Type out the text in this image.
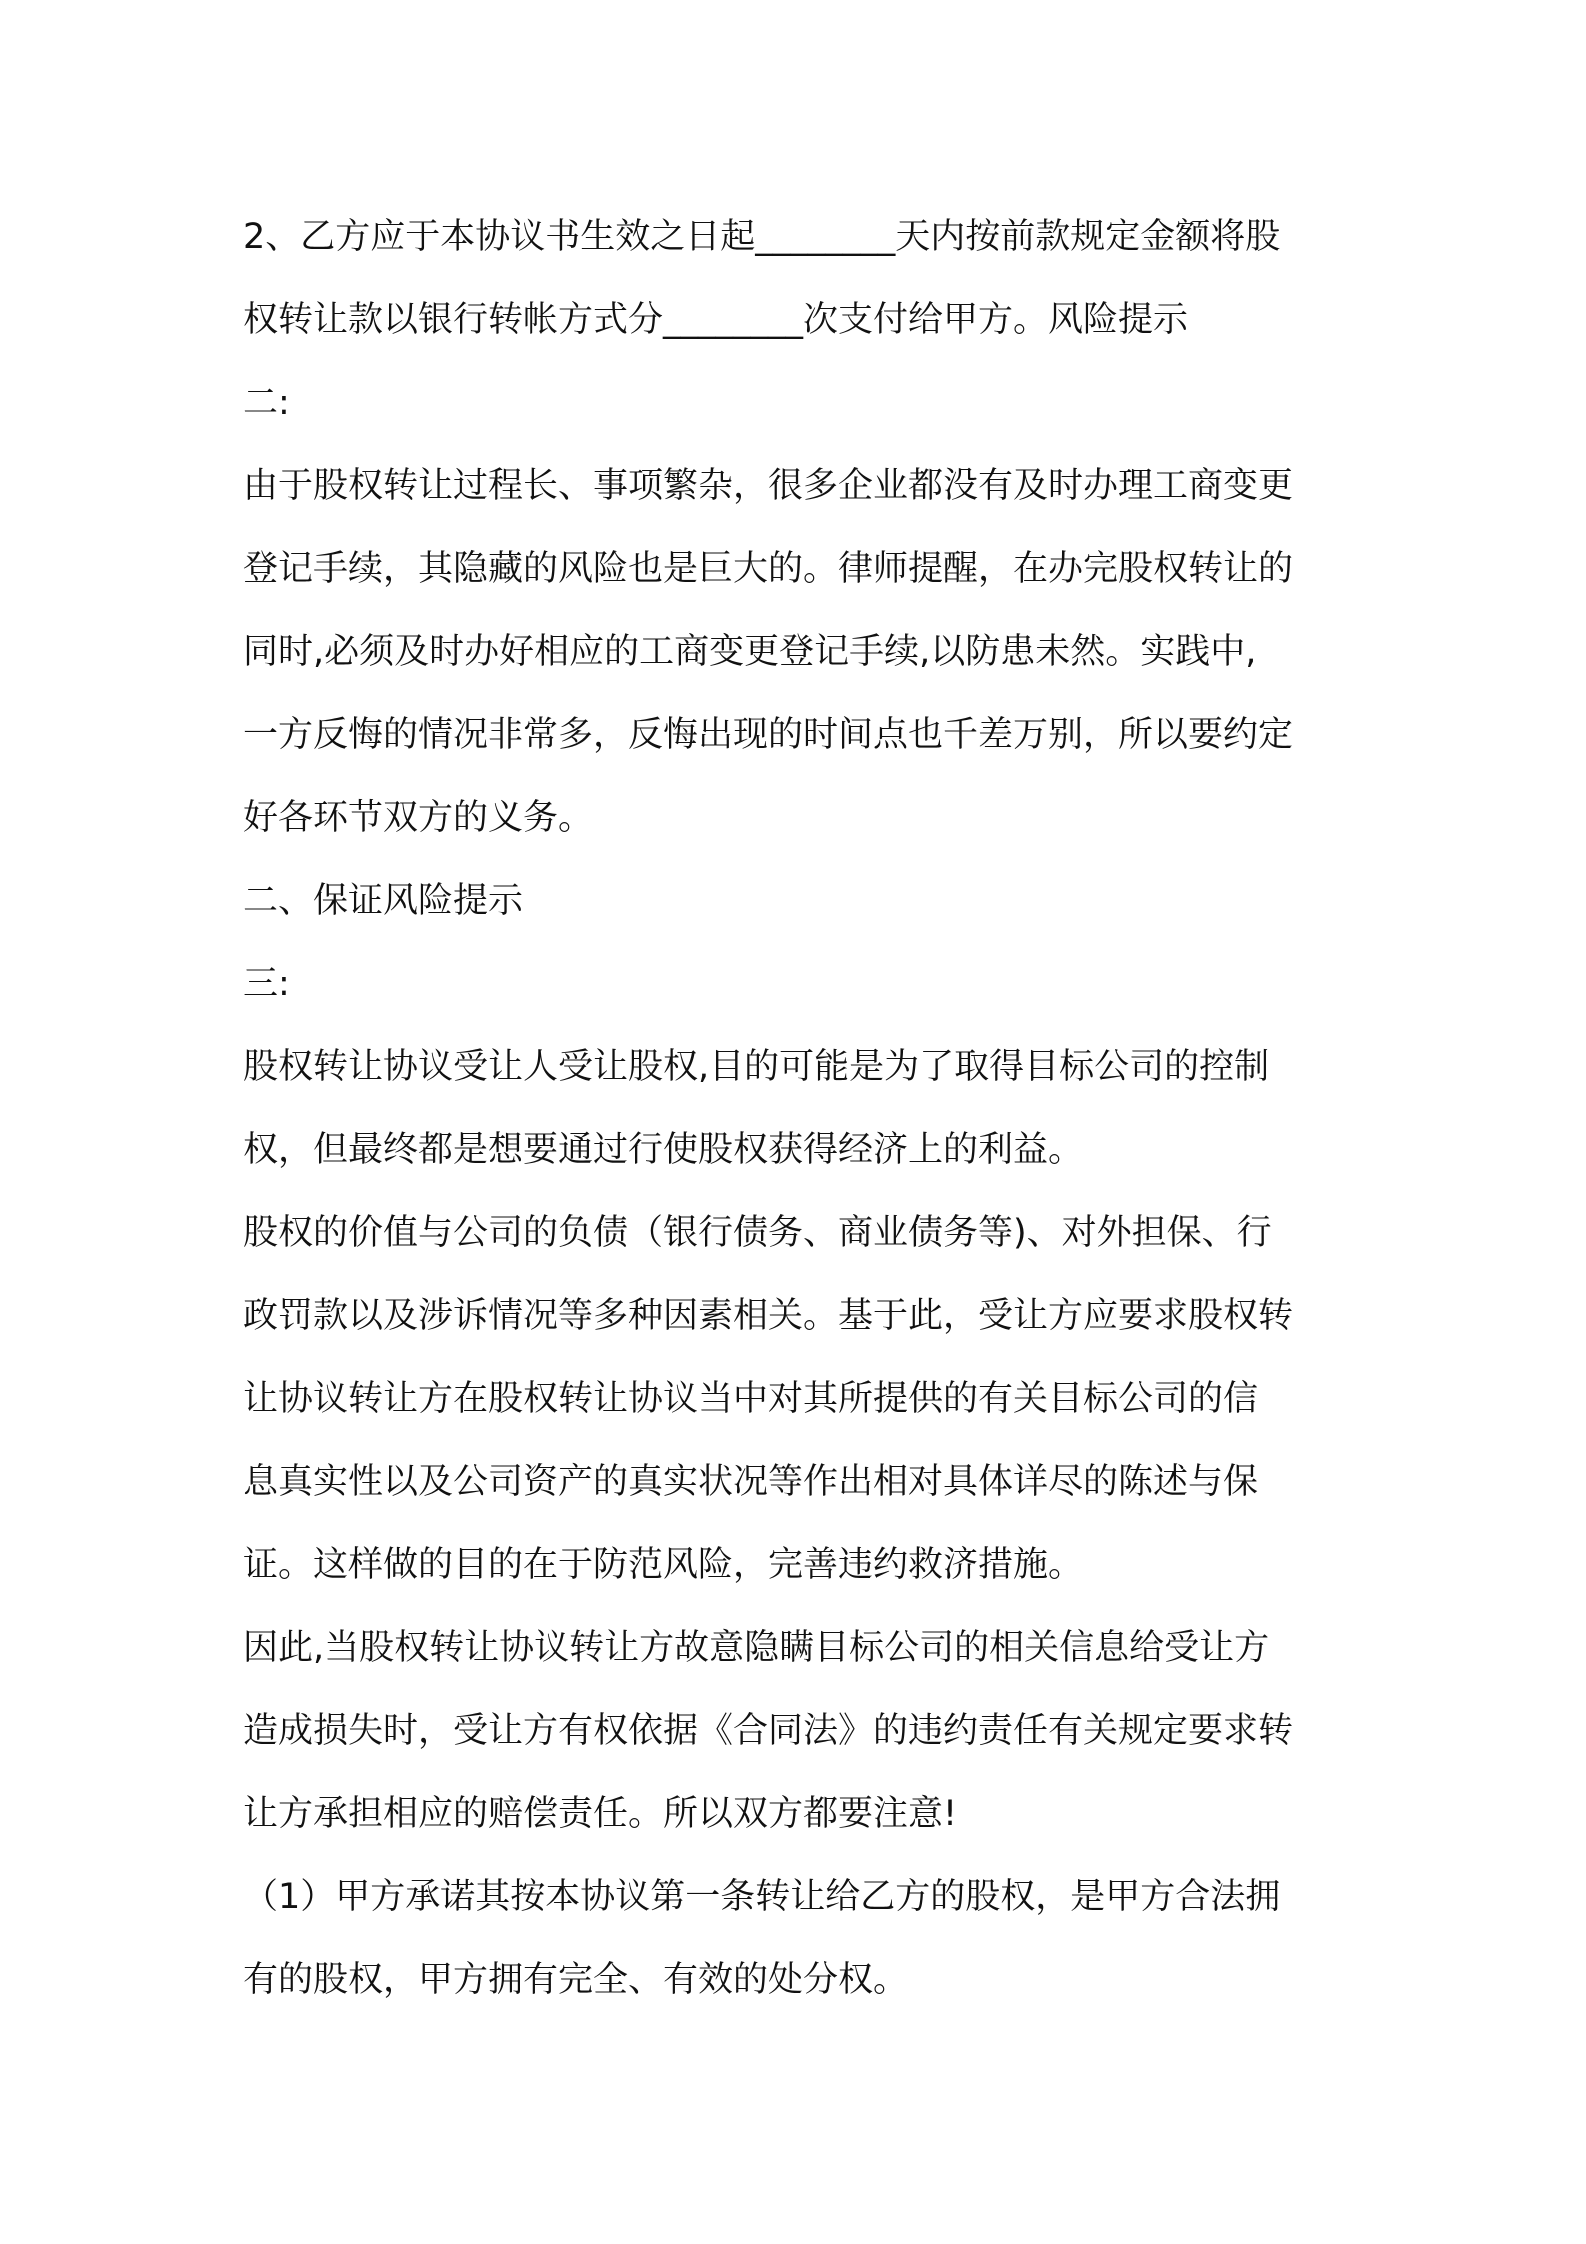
2、乙方应于本协议书生效之日起________天内按前款规定金额将股
权转让款以银行转帐方式分________次支付给甲方。风险提示
二:
由于股权转让过程长、事项繁杂，很多企业都没有及时办理工商变更
登记手续，其隐藏的风险也是巨大的。律师提醒，在办完股权转让的
同时,必须及时办好相应的工商变更登记手续,以防患未然。实践中,
一方反悔的情况非常多，反悔出现的时间点也千差万别，所以要约定
好各环节双方的义务。
二、保证风险提示
三:
股权转让协议受让人受让股权,目的可能是为了取得目标公司的控制
权，但最终都是想要通过行使股权获得经济上的利益。
股权的价值与公司的负债（银行债务、商业债务等)、对外担保、行
政罚款以及涉诉情况等多种因素相关。基于此，受让方应要求股权转
让协议转让方在股权转让协议当中对其所提供的有关目标公司的信
息真实性以及公司资产的真实状况等作出相对具体详尽的陈述与保
证。这样做的目的在于防范风险，完善违约救济措施。
因此,当股权转让协议转让方故意隐瞒目标公司的相关信息给受让方
造成损失时，受让方有权依据《合同法》的违约责任有关规定要求转
让方承担相应的赔偿责任。所以双方都要注意!
（1）甲方承诺其按本协议第一条转让给乙方的股权，是甲方合法拥
有的股权，甲方拥有完全、有效的处分权。
